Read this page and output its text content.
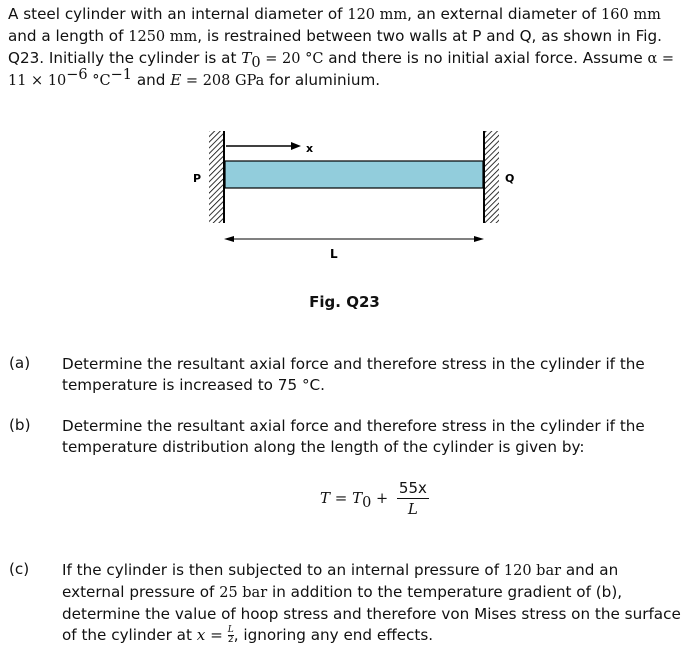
A steel cylinder with an internal diameter of 120 mm, an external diameter of 160 mm and a length of 1250 mm, is restrained between two walls at P and Q, as shown in Fig. Q23. Initially the cylinder is at $T_0 = 20$ °C and there is no initial axial force. Assume $\alpha = 11 \times 10^{-6}$ $^\circ C^{-1}$ and E = 208 GPa for aluminium.
x
P	Q
L
Fig. Q23
(a) Determine the resultant axial force and therefore stress in the cylinder if the temperature is increased to 75 °C.
(b) Determine the resultant axial force and therefore stress in the cylinder if the temperature distribution along the length of the cylinder is given by:
$T = T_0 + \frac{55x}{L}$
(c) If the cylinder is then subjected to an internal pressure of 120 bar and an external pressure of 25 bar in addition to the temperature gradient of (b), determine the value of hoop stress and therefore von Mises stress on the surface of the cylinder at $x = \frac{L}{2}$ , ignoring any end effects.
